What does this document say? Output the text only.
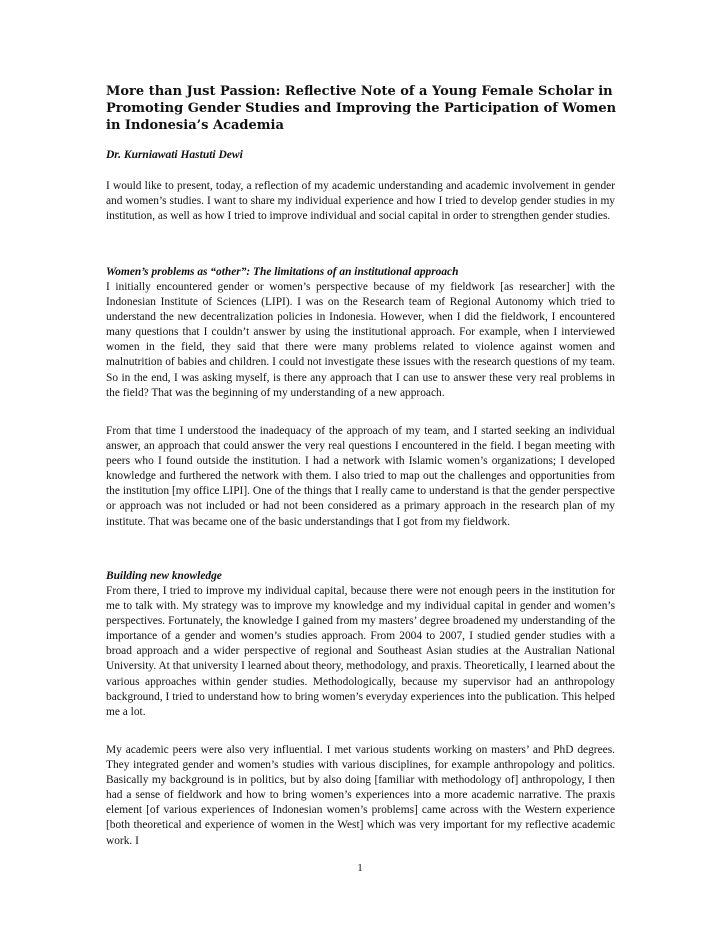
More than Just Passion: Reflective Note of a Young Female Scholar in Promoting Gender Studies and Improving the Participation of Women in Indonesia’s Academia

Dr. Kurniawati Hastuti Dewi

I would like to present, today, a reflection of my academic understanding and academic involvement in gender and women’s studies. I want to share my individual experience and how I tried to develop gender studies in my institution, as well as how I tried to improve individual and social capital in order to strengthen gender studies.

Women’s problems as “other”: The limitations of an institutional approach

I initially encountered gender or women’s perspective because of my fieldwork [as researcher] with the Indonesian Institute of Sciences (LIPI). I was on the Research team of Regional Autonomy which tried to understand the new decentralization policies in Indonesia. However, when I did the fieldwork, I encountered many questions that I couldn’t answer by using the institutional approach. For example, when I interviewed women in the field, they said that there were many problems related to violence against women and malnutrition of babies and children. I could not investigate these issues with the research questions of my team. So in the end, I was asking myself, is there any approach that I can use to answer these very real problems in the field? That was the beginning of my understanding of a new approach.

From that time I understood the inadequacy of the approach of my team, and I started seeking an individual answer, an approach that could answer the very real questions I encountered in the field. I began meeting with peers who I found outside the institution. I had a network with Islamic women’s organizations; I developed knowledge and furthered the network with them. I also tried to map out the challenges and opportunities from the institution [my office LIPI]. One of the things that I really came to understand is that the gender perspective or approach was not included or had not been considered as a primary approach in the research plan of my institute. That was became one of the basic understandings that I got from my fieldwork.

Building new knowledge

From there, I tried to improve my individual capital, because there were not enough peers in the institution for me to talk with. My strategy was to improve my knowledge and my individual capital in gender and women’s perspectives. Fortunately, the knowledge I gained from my masters’ degree broadened my understanding of the importance of a gender and women’s studies approach. From 2004 to 2007, I studied gender studies with a broad approach and a wider perspective of regional and Southeast Asian studies at the Australian National University. At that university I learned about theory, methodology, and praxis. Theoretically, I learned about the various approaches within gender studies. Methodologically, because my supervisor had an anthropology background, I tried to understand how to bring women’s everyday experiences into the publication. This helped me a lot.

My academic peers were also very influential. I met various students working on masters’ and PhD degrees. They integrated gender and women’s studies with various disciplines, for example anthropology and politics. Basically my background is in politics, but by also doing [familiar with methodology of] anthropology, I then had a sense of fieldwork and how to bring women’s experiences into a more academic narrative. The praxis element [of various experiences of Indonesian women’s problems] came across with the Western experience [both theoretical and experience of women in the West] which was very important for my reflective academic work. I

1
